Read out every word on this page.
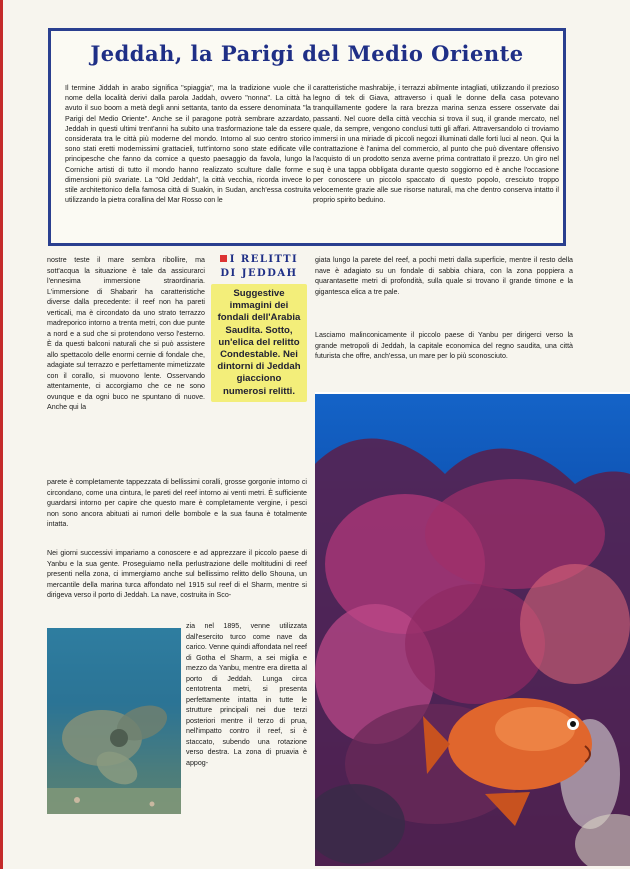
Jeddah, la Parigi del Medio Oriente
Il termine Jiddah in arabo significa "spiaggia", ma la tradizione vuole che il nome della località derivi dalla parola Jaddah, ovvero "nonna". La città ha avuto il suo boom a metà degli anni settanta, tanto da essere denominata "la Parigi del Medio Oriente". Anche se il paragone potrà sembrare azzardato, Jeddah in questi ultimi trent'anni ha subito una trasformazione tale da essere considerata tra le città più moderne del mondo. Intorno al suo centro storico sono stati eretti modernissimi grattacieli, tutt'intorno sono state edificate ville principesche che fanno da cornice a questo paesaggio da favola, lungo la Corniche artisti di tutto il mondo hanno realizzato sculture dalle forme e dimensioni più svariate. La "Old Jeddah", la città vecchia, ricorda invece lo stile architettonico della famosa città di Suakin, in Sudan, anch'essa costruita utilizzando la pietra corallina del Mar Rosso con le
caratteristiche mashrabije, i terrazzi abilmente intagliati, utilizzando il prezioso legno di tek di Giava, attraverso i quali le donne della casa potevano tranquillamente godere la rara brezza marina senza essere osservate dai passanti. Nel cuore della città vecchia si trova il suq, il grande mercato, nel quale, da sempre, vengono conclusi tutti gli affari. Attraversandolo ci troviamo immersi in una miriade di piccoli negozi illuminati dalle forti luci al neon. Qui la contrattazione è l'anima del commercio, al punto che può diventare offensivo l'acquisto di un prodotto senza averne prima contrattato il prezzo. Un giro nel suq è una tappa obbligata durante questo soggiorno ed è anche l'occasione per conoscere un piccolo spaccato di questo popolo, cresciuto troppo velocemente grazie alle sue risorse naturali, ma che dentro conserva intatto il proprio spirito beduino.
nostre teste il mare sembra ribollire, ma sott'acqua la situazione è tale da assicurarci l'ennesima immersione straordinaria. L'immersione di Shabarir ha caratteristiche diverse dalla precedente: il reef non ha pareti verticali, ma è circondato da uno strato terrazzo madreporico intorno a trenta metri, con due punte a nord e a sud che si protendono verso l'esterno. È da questi balconi naturali che si può assistere allo spettacolo delle enormi cernie di fondale che, adagiate sul terrazzo e perfettamente mimetizzate con il corallo, si muovono lente. Osservando attentamente, ci accorgiamo che ce ne sono ovunque e da ogni buco ne spuntano di nuove. Anche qui la
parete è completamente tappezzata di bellissimi coralli, grosse gorgonie intorno ci circondano, come una cintura, le pareti del reef intorno ai venti metri. È sufficiente guardarsi intorno per capire che questo mare è completamente vergine, i pesci non sono ancora abituati ai rumori delle bombole e la sua fauna è totalmente intatta.
Nei giorni successivi impariamo a conoscere e ad apprezzare il piccolo paese di Yanbu e la sua gente. Proseguiamo nella perlustrazione delle moltitudini di reef presenti nella zona, ci immergiamo anche sul bellissimo relitto dello Shouna, un mercantile della marina turca affondato nel 1915 sul reef di el Sharm, mentre si dirigeva verso il porto di Jeddah. La nave, costruita in Sco-
zia nel 1895, venne utilizzata dall'esercito turco come nave da carico. Venne quindi affondata nel reef di Gotha el Sharm, a sei miglia e mezzo da Yanbu, mentre era diretta al porto di Jeddah. Lunga circa centotrenta metri, si presenta perfettamente intatta in tutte le strutture principali nei due terzi posteriori mentre il terzo di prua, nell'impatto contro il reef, si è staccato, subendo una rotazione verso destra. La zona di pruavia è appog-
I RELITTI
DI JEDDAH
Suggestive immagini dei fondali dell'Arabia Saudita. Sotto, un'elica del relitto Condestable. Nei dintorni di Jeddah giacciono numerosi relitti.
giata lungo la parete del reef, a pochi metri dalla superficie, mentre il resto della nave è adagiato su un fondale di sabbia chiara, con la zona poppiera a quarantasette metri di profondità, sulla quale si trovano il grande timone e la gigantesca elica a tre pale.
Lasciamo malinconicamente il piccolo paese di Yanbu per dirigerci verso la grande metropoli di Jeddah, la capitale economica del regno saudita, una città futurista che offre, anch'essa, un mare per lo più sconosciuto.
